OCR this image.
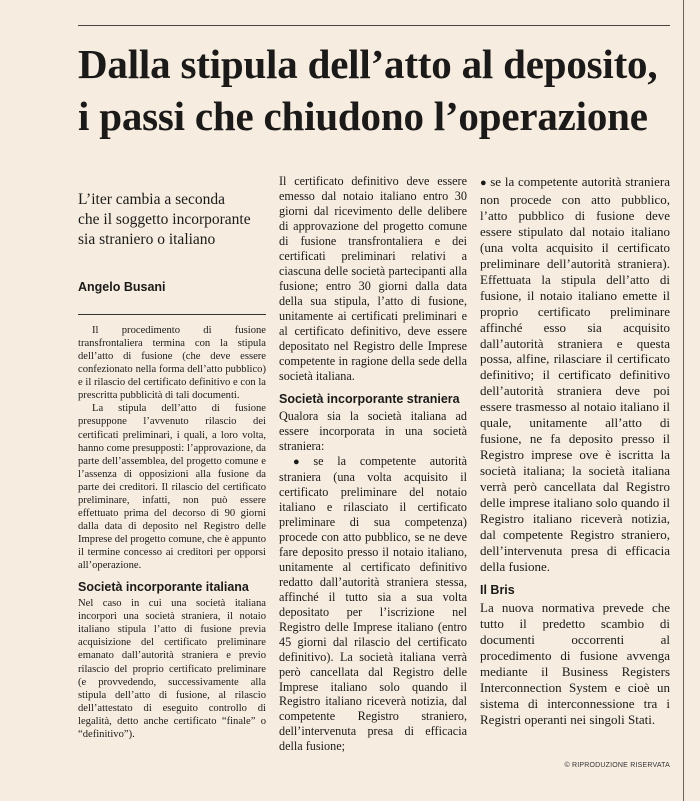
Dalla stipula dell’atto al deposito,
i passi che chiudono l’operazione

L’iter cambia a seconda
che il soggetto incorporante
sia straniero o italiano

Angelo Busani

Il procedimento di fusione transfrontaliera termina con la stipula dell’atto di fusione (che deve essere confezionato nella forma dell’atto pubblico) e il rilascio del certificato definitivo e con la prescritta pubblicità di tali documenti.

La stipula dell’atto di fusione presuppone l’avvenuto rilascio dei certificati preliminari, i quali, a loro volta, hanno come presupposti: l’approvazione, da parte dell’assemblea, del progetto comune e l’assenza di opposizioni alla fusione da parte dei creditori. Il rilascio del certificato preliminare, infatti, non può essere effettuato prima del decorso di 90 giorni dalla data di deposito nel Registro delle Imprese del progetto comune, che è appunto il termine concesso ai creditori per opporsi all’operazione.

Società incorporante italiana

Nel caso in cui una società italiana incorpori una società straniera, il notaio italiano stipula l’atto di fusione previa acquisizione del certificato preliminare emanato dall’autorità straniera e previo rilascio del proprio certificato preliminare (e provvedendo, successivamente alla stipula dell’atto di fusione, al rilascio dell’attestato di eseguito controllo di legalità, detto anche certificato “finale” o “definitivo”).

Il certificato definitivo deve essere emesso dal notaio italiano entro 30 giorni dal ricevimento delle delibere di approvazione del progetto comune di fusione transfrontaliera e dei certificati preliminari relativi a ciascuna delle società partecipanti alla fusione; entro 30 giorni dalla data della sua stipula, l’atto di fusione, unitamente ai certificati preliminari e al certificato definitivo, deve essere depositato nel Registro delle Imprese competente in ragione della sede della società italiana.

Società incorporante straniera

Qualora sia la società italiana ad essere incorporata in una società straniera:

● se la competente autorità straniera (una volta acquisito il certificato preliminare del notaio italiano e rilasciato il certificato preliminare di sua competenza) procede con atto pubblico, se ne deve fare deposito presso il notaio italiano, unitamente al certificato definitivo redatto dall’autorità straniera stessa, affinché il tutto sia a sua volta depositato per l’iscrizione nel Registro delle Imprese italiano (entro 45 giorni dal rilascio del certificato definitivo). La società italiana verrà però cancellata dal Registro delle Imprese italiano solo quando il Registro italiano riceverà notizia, dal competente Registro straniero, dell’intervenuta presa di efficacia della fusione;

● se la competente autorità straniera non procede con atto pubblico, l’atto pubblico di fusione deve essere stipulato dal notaio italiano (una volta acquisito il certificato preliminare dell’autorità straniera). Effettuata la stipula dell’atto di fusione, il notaio italiano emette il proprio certificato preliminare affinché esso sia acquisito dall’autorità straniera e questa possa, alfine, rilasciare il certificato definitivo; il certificato definitivo dell’autorità straniera deve poi essere trasmesso al notaio italiano il quale, unitamente all’atto di fusione, ne fa deposito presso il Registro imprese ove è iscritta la società italiana; la società italiana verrà però cancellata dal Registro delle imprese italiano solo quando il Registro italiano riceverà notizia, dal competente Registro straniero, dell’intervenuta presa di efficacia della fusione.

Il Bris

La nuova normativa prevede che tutto il predetto scambio di documenti occorrenti al procedimento di fusione avvenga mediante il Business Registers Interconnection System e cioè un sistema di interconnessione tra i Registri operanti nei singoli Stati.

© RIPRODUZIONE RISERVATA
